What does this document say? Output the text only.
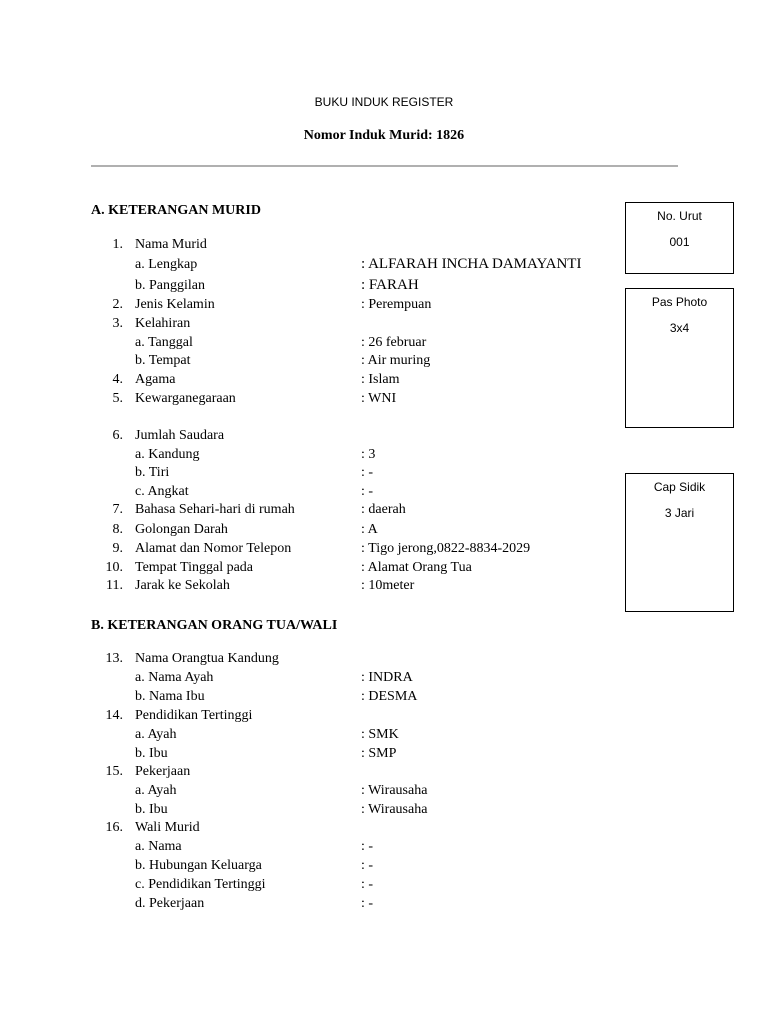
BUKU INDUK REGISTER
Nomor Induk Murid: 1826
A. KETERANGAN MURID
B. KETERANGAN ORANG TUA/WALI
1. Nama Murid
a. Lengkap	: ALFARAH INCHA DAMAYANTI
b. Panggilan	: FARAH
2. Jenis Kelamin	: Perempuan
3. Kelahiran
a. Tanggal	: 26 februar
b. Tempat	: Air muring
4. Agama	: Islam
5. Kewarganegaraan	: WNI
6. Jumlah Saudara
a. Kandung	: 3
b. Tiri	: -
c. Angkat	: -
7. Bahasa Sehari-hari di rumah	: daerah
8. Golongan Darah	: A
9. Alamat dan Nomor Telepon	: Tigo jerong,0822-8834-2029
10. Tempat Tinggal pada	: Alamat Orang Tua
11. Jarak ke Sekolah	: 10meter
13. Nama Orangtua Kandung
a. Nama Ayah	: INDRA
b. Nama Ibu	: DESMA
14. Pendidikan Tertinggi
a. Ayah	: SMK
b. Ibu	: SMP
15. Pekerjaan
a. Ayah	: Wirausaha
b. Ibu	: Wirausaha
16. Wali Murid
a. Nama	: -
b. Hubungan Keluarga	: -
c. Pendidikan Tertinggi	: -
d. Pekerjaan	: -
No. Urut
001
Pas Photo
3x4
Cap Sidik
3 Jari
